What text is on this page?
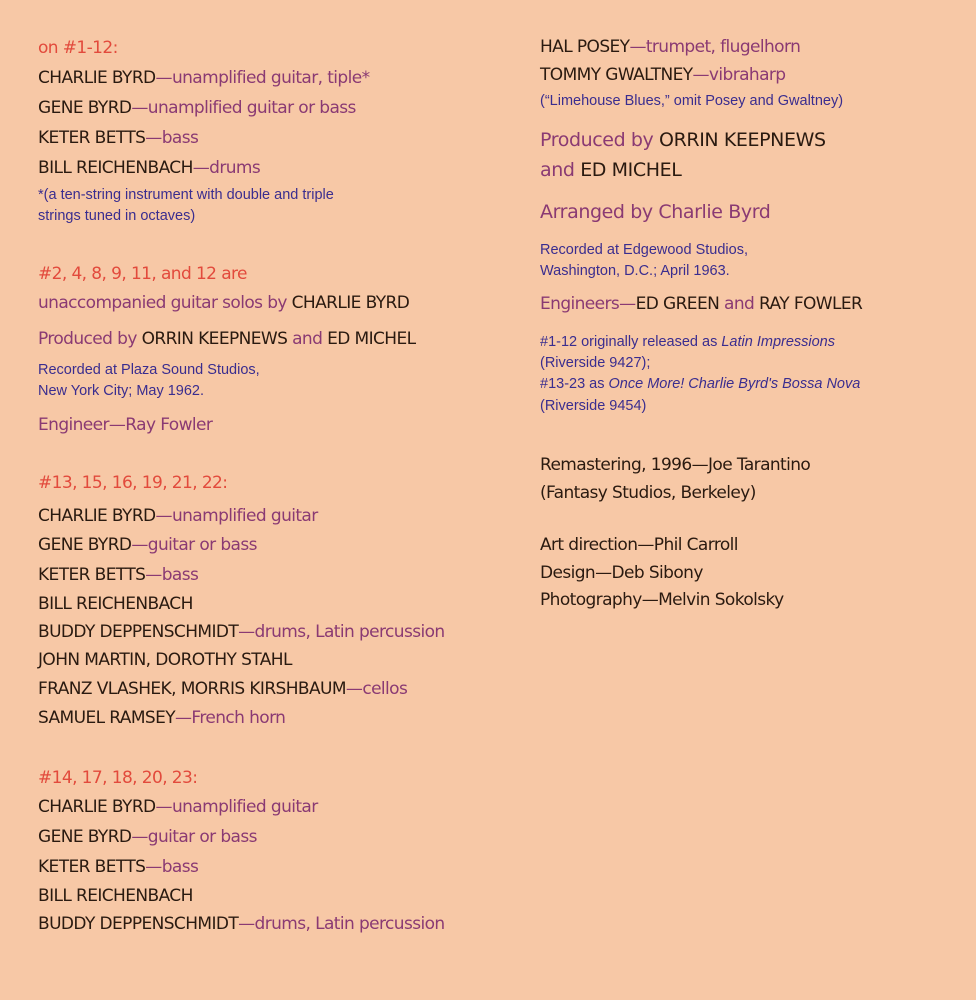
on #1-12:
CHARLIE BYRD—unamplified guitar, tiple*
GENE BYRD—unamplified guitar or bass
KETER BETTS—bass
BILL REICHENBACH—drums
*(a ten-string instrument with double and triple
strings tuned in octaves)
#2, 4, 8, 9, 11, and 12 are
unaccompanied guitar solos by CHARLIE BYRD
Produced by ORRIN KEEPNEWS and ED MICHEL
Recorded at Plaza Sound Studios,
New York City; May 1962.
Engineer—Ray Fowler
#13, 15, 16, 19, 21, 22:
CHARLIE BYRD—unamplified guitar
GENE BYRD—guitar or bass
KETER BETTS—bass
BILL REICHENBACH
BUDDY DEPPENSCHMIDT—drums, Latin percussion
JOHN MARTIN, DOROTHY STAHL
FRANZ VLASHEK, MORRIS KIRSHBAUM—cellos
SAMUEL RAMSEY—French horn
#14, 17, 18, 20, 23:
CHARLIE BYRD—unamplified guitar
GENE BYRD—guitar or bass
KETER BETTS—bass
BILL REICHENBACH
BUDDY DEPPENSCHMIDT—drums, Latin percussion
HAL POSEY—trumpet, flugelhorn
TOMMY GWALTNEY—vibraharp
(“Limehouse Blues,” omit Posey and Gwaltney)
Produced by ORRIN KEEPNEWS
and ED MICHEL
Arranged by Charlie Byrd
Recorded at Edgewood Studios,
Washington, D.C.; April 1963.
Engineers—ED GREEN and RAY FOWLER
#1-12 originally released as Latin Impressions
(Riverside 9427);
#13-23 as Once More! Charlie Byrd's Bossa Nova
(Riverside 9454)
Remastering, 1996—Joe Tarantino
(Fantasy Studios, Berkeley)
Art direction—Phil Carroll
Design—Deb Sibony
Photography—Melvin Sokolsky
